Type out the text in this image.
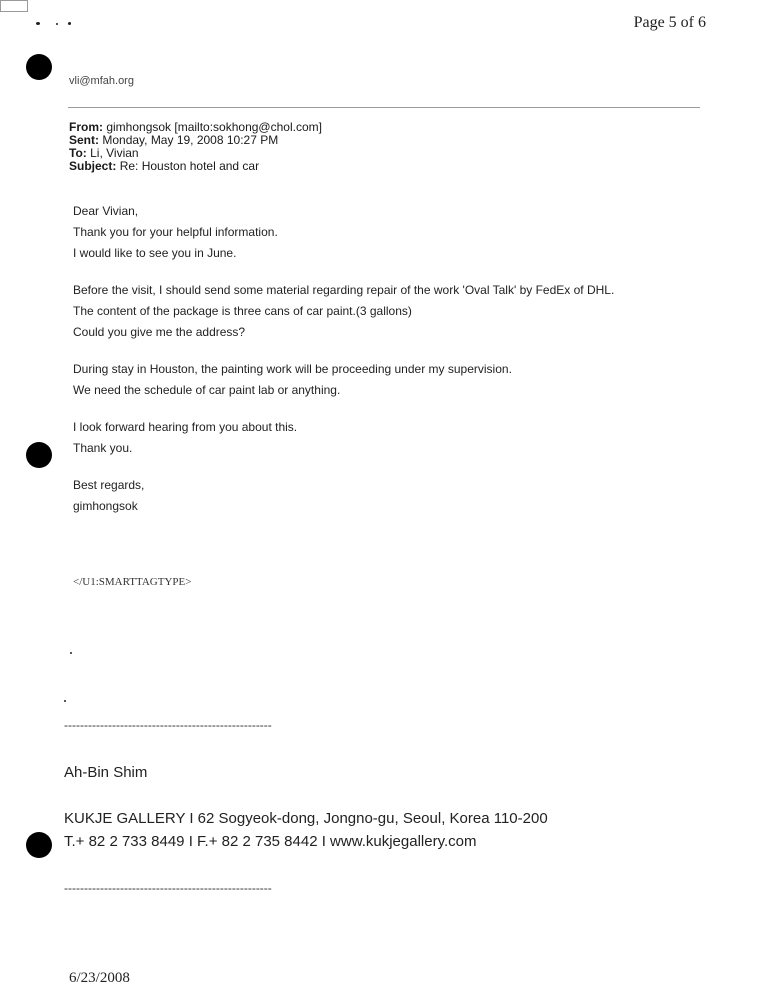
Page 5 of 6
vli@mfah.org
From: gimhongsok [mailto:sokhong@chol.com]
Sent: Monday, May 19, 2008 10:27 PM
To: Li, Vivian
Subject: Re: Houston hotel and car
Dear Vivian,
Thank you for your helpful information.
I would like to see you in June.
Before the visit, I should send some material regarding repair of the work 'Oval Talk' by FedEx of DHL.
The content of the package is three cans of car paint.(3 gallons)
Could you give me the address?
During stay in Houston, the painting work will be proceeding under my supervision.
We need the schedule of car paint lab or anything.
I look forward hearing from you about this.
Thank you.
Best regards,
gimhongsok
</U1:SMARTTAGTYPE>
----------------------------------------------------
Ah-Bin Shim
KUKJE GALLERY I 62 Sogyeok-dong, Jongno-gu, Seoul, Korea 110-200
T.+ 82 2 733 8449 I F.+ 82 2 735 8442 I www.kukjegallery.com
----------------------------------------------------
6/23/2008
